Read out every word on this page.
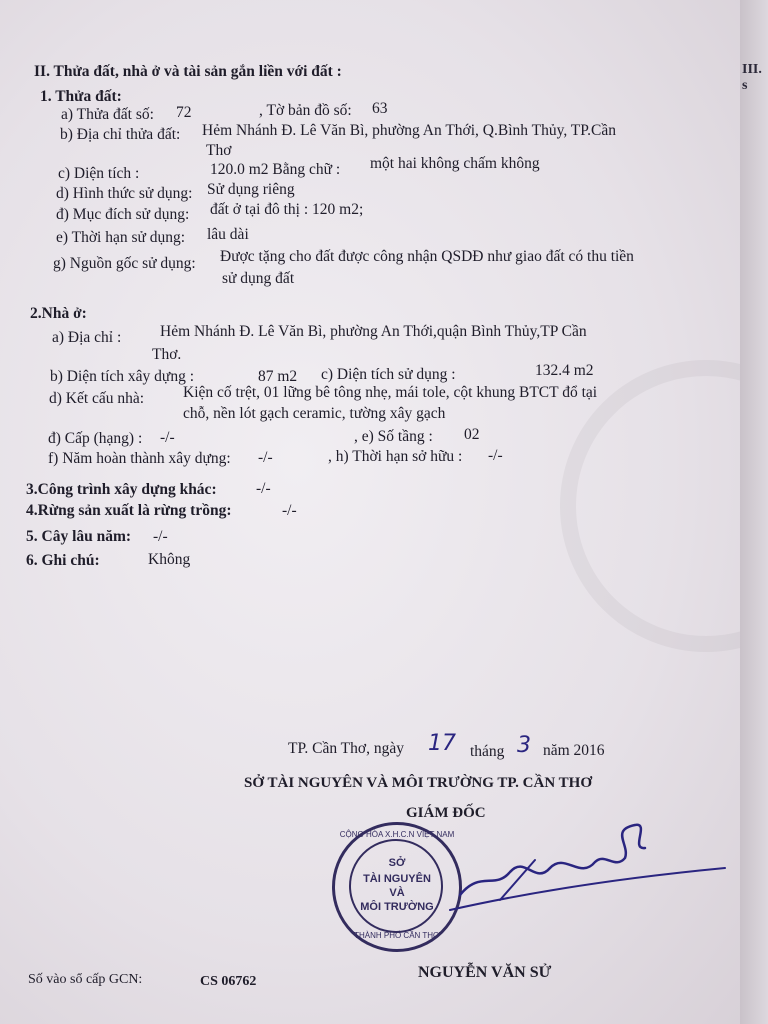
II. Thửa đất, nhà ở và tài sản gắn liền với đất :
1. Thửa đất:
a) Thửa đất số: 72	, Tờ bản đồ số: 63
b) Địa chỉ thửa đất: Hẻm Nhánh Đ. Lê Văn Bì, phường An Thới, Q.Bình Thủy, TP.Cần
Thơ
c) Diện tích :	120.0 m2 Bằng chữ : một hai không chấm không
d) Hình thức sử dụng: Sử dụng riêng
đ) Mục đích sử dụng: đất ở tại đô thị : 120 m2;
e) Thời hạn sử dụng: lâu dài
g) Nguồn gốc sử dụng: Được tặng cho đất được công nhận QSDĐ như giao đất có thu tiền
sử dụng đất
2.Nhà ở:
a) Địa chỉ : Hẻm Nhánh Đ. Lê Văn Bì, phường An Thới,quận Bình Thủy,TP Cần
Thơ.
b) Diện tích xây dựng :	87 m2 c) Diện tích sử dụng :	132.4 m2
d) Kết cấu nhà:	Kiện cố trệt, 01 lững bê tông nhẹ, mái tole, cột khung BTCT đổ tại
chỗ, nền lót gạch ceramic, tường xây gạch
đ) Cấp (hạng) : -/-	, e) Số tầng : 02
f) Năm hoàn thành xây dựng: -/-	, h) Thời hạn sở hữu : -/-
3.Công trình xây dựng khác:	-/-
4.Rừng sản xuất là rừng trồng:	-/-
5. Cây lâu năm: -/-
6. Ghi chú:	Không
TP. Cần Thơ, ngày 17 tháng 3 năm 2016
SỞ TÀI NGUYÊN VÀ MÔI TRƯỜNG TP. CẦN THƠ
GIÁM ĐỐC
CỘNG HÒA X.H.C.N VIỆT NAM
SỞ
TÀI NGUYÊN
VÀ
MÔI TRƯỜNG
THÀNH PHỐ CẦN THƠ
NGUYỄN VĂN SỬ
Số vào sổ cấp GCN:	CS 06762
III. s
